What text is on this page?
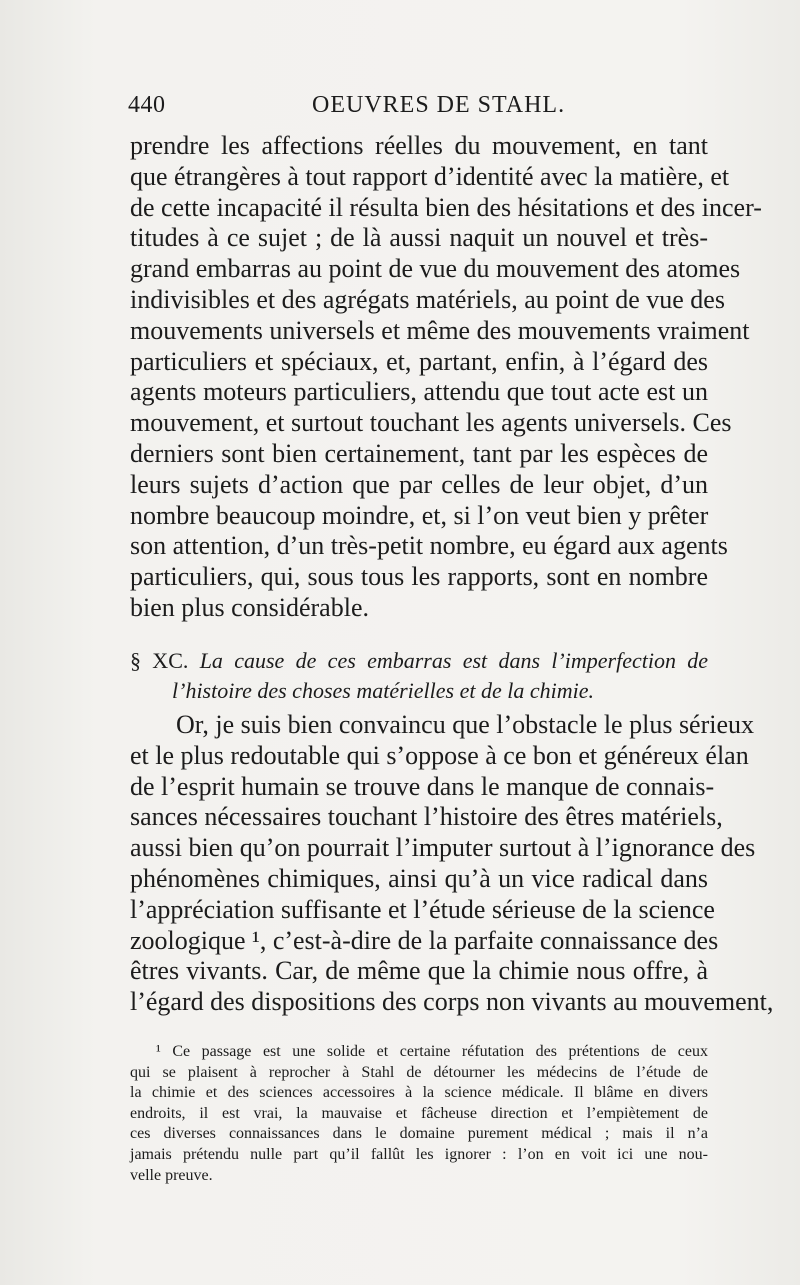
440	OEUVRES DE STAHL.
prendre les affections réelles du mouvement, en tant
que étrangères à tout rapport d’identité avec la matière, et
de cette incapacité il résulta bien des hésitations et des incer-
titudes à ce sujet ; de là aussi naquit un nouvel et très-
grand embarras au point de vue du mouvement des atomes
indivisibles et des agrégats matériels, au point de vue des
mouvements universels et même des mouvements vraiment
particuliers et spéciaux, et, partant, enfin, à l’égard des
agents moteurs particuliers, attendu que tout acte est un
mouvement, et surtout touchant les agents universels. Ces
derniers sont bien certainement, tant par les espèces de
leurs sujets d’action que par celles de leur objet, d’un
nombre beaucoup moindre, et, si l’on veut bien y prêter
son attention, d’un très-petit nombre, eu égard aux agents
particuliers, qui, sous tous les rapports, sont en nombre
bien plus considérable.
§ XC. La cause de ces embarras est dans l’imperfection de
l’histoire des choses matérielles et de la chimie.
Or, je suis bien convaincu que l’obstacle le plus sérieux
et le plus redoutable qui s’oppose à ce bon et généreux élan
de l’esprit humain se trouve dans le manque de connais-
sances nécessaires touchant l’histoire des êtres matériels,
aussi bien qu’on pourrait l’imputer surtout à l’ignorance des
phénomènes chimiques, ainsi qu’à un vice radical dans
l’appréciation suffisante et l’étude sérieuse de la science
zoologique ¹, c’est-à-dire de la parfaite connaissance des
êtres vivants. Car, de même que la chimie nous offre, à
l’égard des dispositions des corps non vivants au mouvement,
¹ Ce passage est une solide et certaine réfutation des prétentions de ceux
qui se plaisent à reprocher à Stahl de détourner les médecins de l’étude de
la chimie et des sciences accessoires à la science médicale. Il blâme en divers
endroits, il est vrai, la mauvaise et fâcheuse direction et l’empiètement de
ces diverses connaissances dans le domaine purement médical ; mais il n’a
jamais prétendu nulle part qu’il fallût les ignorer : l’on en voit ici une nou-
velle preuve.
